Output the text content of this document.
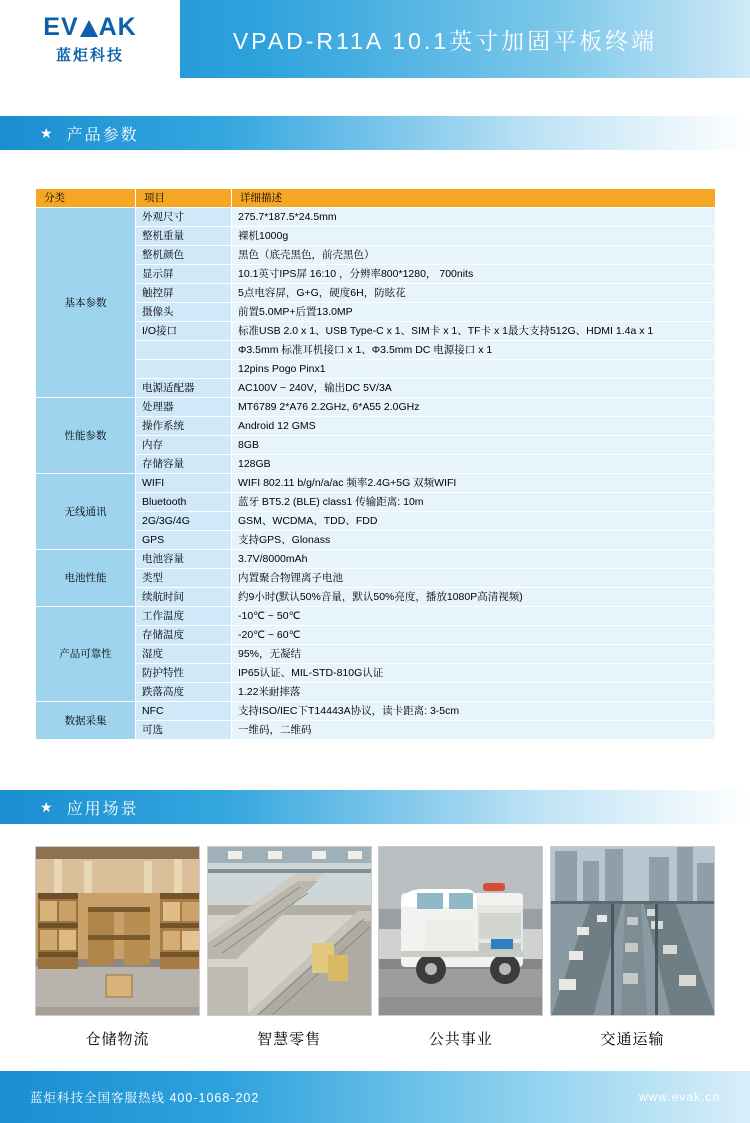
EV AK
蓝炬科技
VPAD-R11A 10.1英寸加固平板终端
★ 产品参数
分类	项目	详细描述
基本参数	外观尺寸	275.7*187.5*24.5mm
	整机重量	裸机1000g
	整机颜色	黑色（底壳黑色，前壳黑色）
	显示屏	10.1英寸IPS屏 16:10 ，分辨率800*1280， 700nits
	触控屏	5点电容屏，G+G，硬度6H，防眩花
	摄像头	前置5.0MP+后置13.0MP
	I/O接口	标准USB 2.0 x 1、USB Type-C x 1、SIM卡 x 1、TF卡 x 1最大支持512G、HDMI 1.4a x 1
		Φ3.5mm 标准耳机接口 x 1、Φ3.5mm DC 电源接口 x 1
		12pins Pogo Pinx1
	电源适配器	AC100V ~ 240V，输出DC 5V/3A
性能参数	处理器	MT6789 2*A76 2.2GHz, 6*A55 2.0GHz
	操作系统	Android 12 GMS
	内存	8GB
	存储容量	128GB
无线通讯	WIFI	WIFI 802.11 b/g/n/a/ac 频率2.4G+5G 双频WIFI
	Bluetooth	蓝牙 BT5.2 (BLE) class1 传输距离: 10m
	2G/3G/4G	GSM、WCDMA、TDD、FDD
	GPS	支持GPS、Glonass
电池性能	电池容量	3.7V/8000mAh
	类型	内置聚合物锂离子电池
	续航时间	约9小时(默认50%音量，默认50%亮度，播放1080P高清视频)
产品可靠性	工作温度	-10℃ ~ 50℃
	存储温度	-20℃ ~ 60℃
	湿度	95%，无凝结
	防护特性	IP65认证、MIL-STD-810G认证
	跌落高度	1.22米耐摔落
数据采集	NFC	支持ISO/IEC下T14443A协议，读卡距离: 3-5cm
	可选	一维码，二维码
★ 应用场景
仓储物流	智慧零售	公共事业	交通运输
蓝炬科技全国客服热线 400-1068-202	www.evak.cn
